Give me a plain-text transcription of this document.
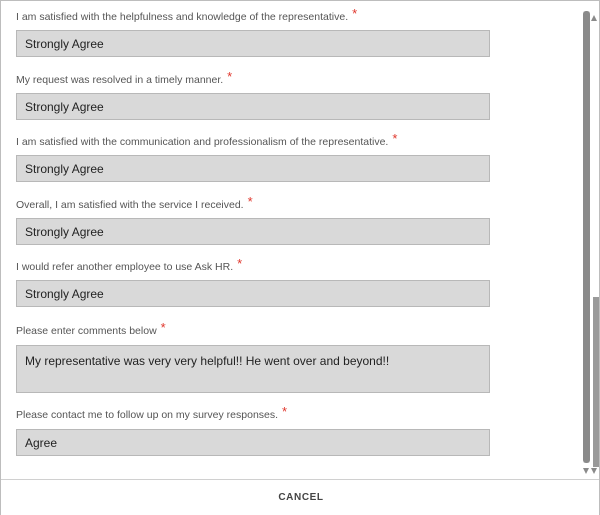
I am satisfied with the helpfulness and knowledge of the representative. *
Strongly Agree
My request was resolved in a timely manner. *
Strongly Agree
I am satisfied with the communication and professionalism of the representative. *
Strongly Agree
Overall, I am satisfied with the service I received. *
Strongly Agree
I would refer another employee to use Ask HR. *
Strongly Agree
Please enter comments below *
My representative was very very helpful!! He went over and beyond!!
Please contact me to follow up on my survey responses. *
Agree
CANCEL
